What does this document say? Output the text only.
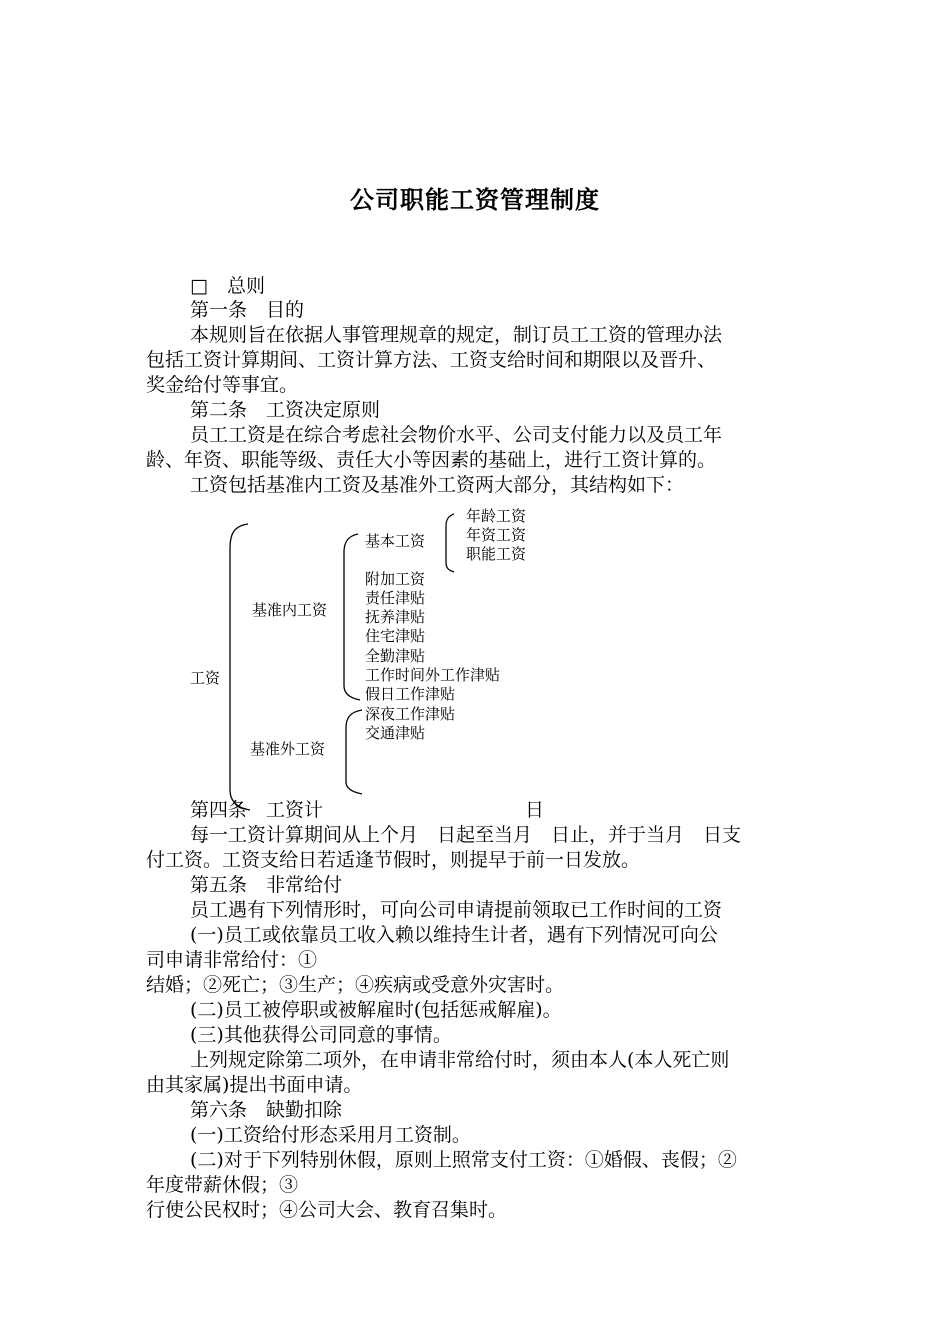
公司职能工资管理制度
□　总则
第一条　目的
本规则旨在依据人事管理规章的规定，制订员工工资的管理办法
包括工资计算期间、工资计算方法、工资支给时间和期限以及晋升、
奖金给付等事宜。
第二条　工资决定原则
员工工资是在综合考虑社会物价水平、公司支付能力以及员工年
龄、年资、职能等级、责任大小等因素的基础上，进行工资计算的。
工资包括基准内工资及基准外工资两大部分，其结构如下：
工资
基准内工资
基准外工资
基本工资
年龄工资
年资工资
职能工资
附加工资
责任津贴
抚养津贴
住宅津贴
全勤津贴
工作时间外工作津贴
假日工作津贴
深夜工作津贴
交通津贴
第四条　工资计	日
每一工资计算期间从上个月　日起至当月　日止，并于当月　日支
付工资。工资支给日若适逢节假时，则提早于前一日发放。
第五条　非常给付
员工遇有下列情形时，可向公司申请提前领取已工作时间的工资
(一)员工或依靠员工收入赖以维持生计者，遇有下列情况可向公
司申请非常给付：①
结婚；②死亡；③生产；④疾病或受意外灾害时。
(二)员工被停职或被解雇时(包括惩戒解雇)。
(三)其他获得公司同意的事情。
上列规定除第二项外，在申请非常给付时，须由本人(本人死亡则
由其家属)提出书面申请。
第六条　缺勤扣除
(一)工资给付形态采用月工资制。
(二)对于下列特别休假，原则上照常支付工资：①婚假、丧假；②
年度带薪休假；③
行使公民权时；④公司大会、教育召集时。
